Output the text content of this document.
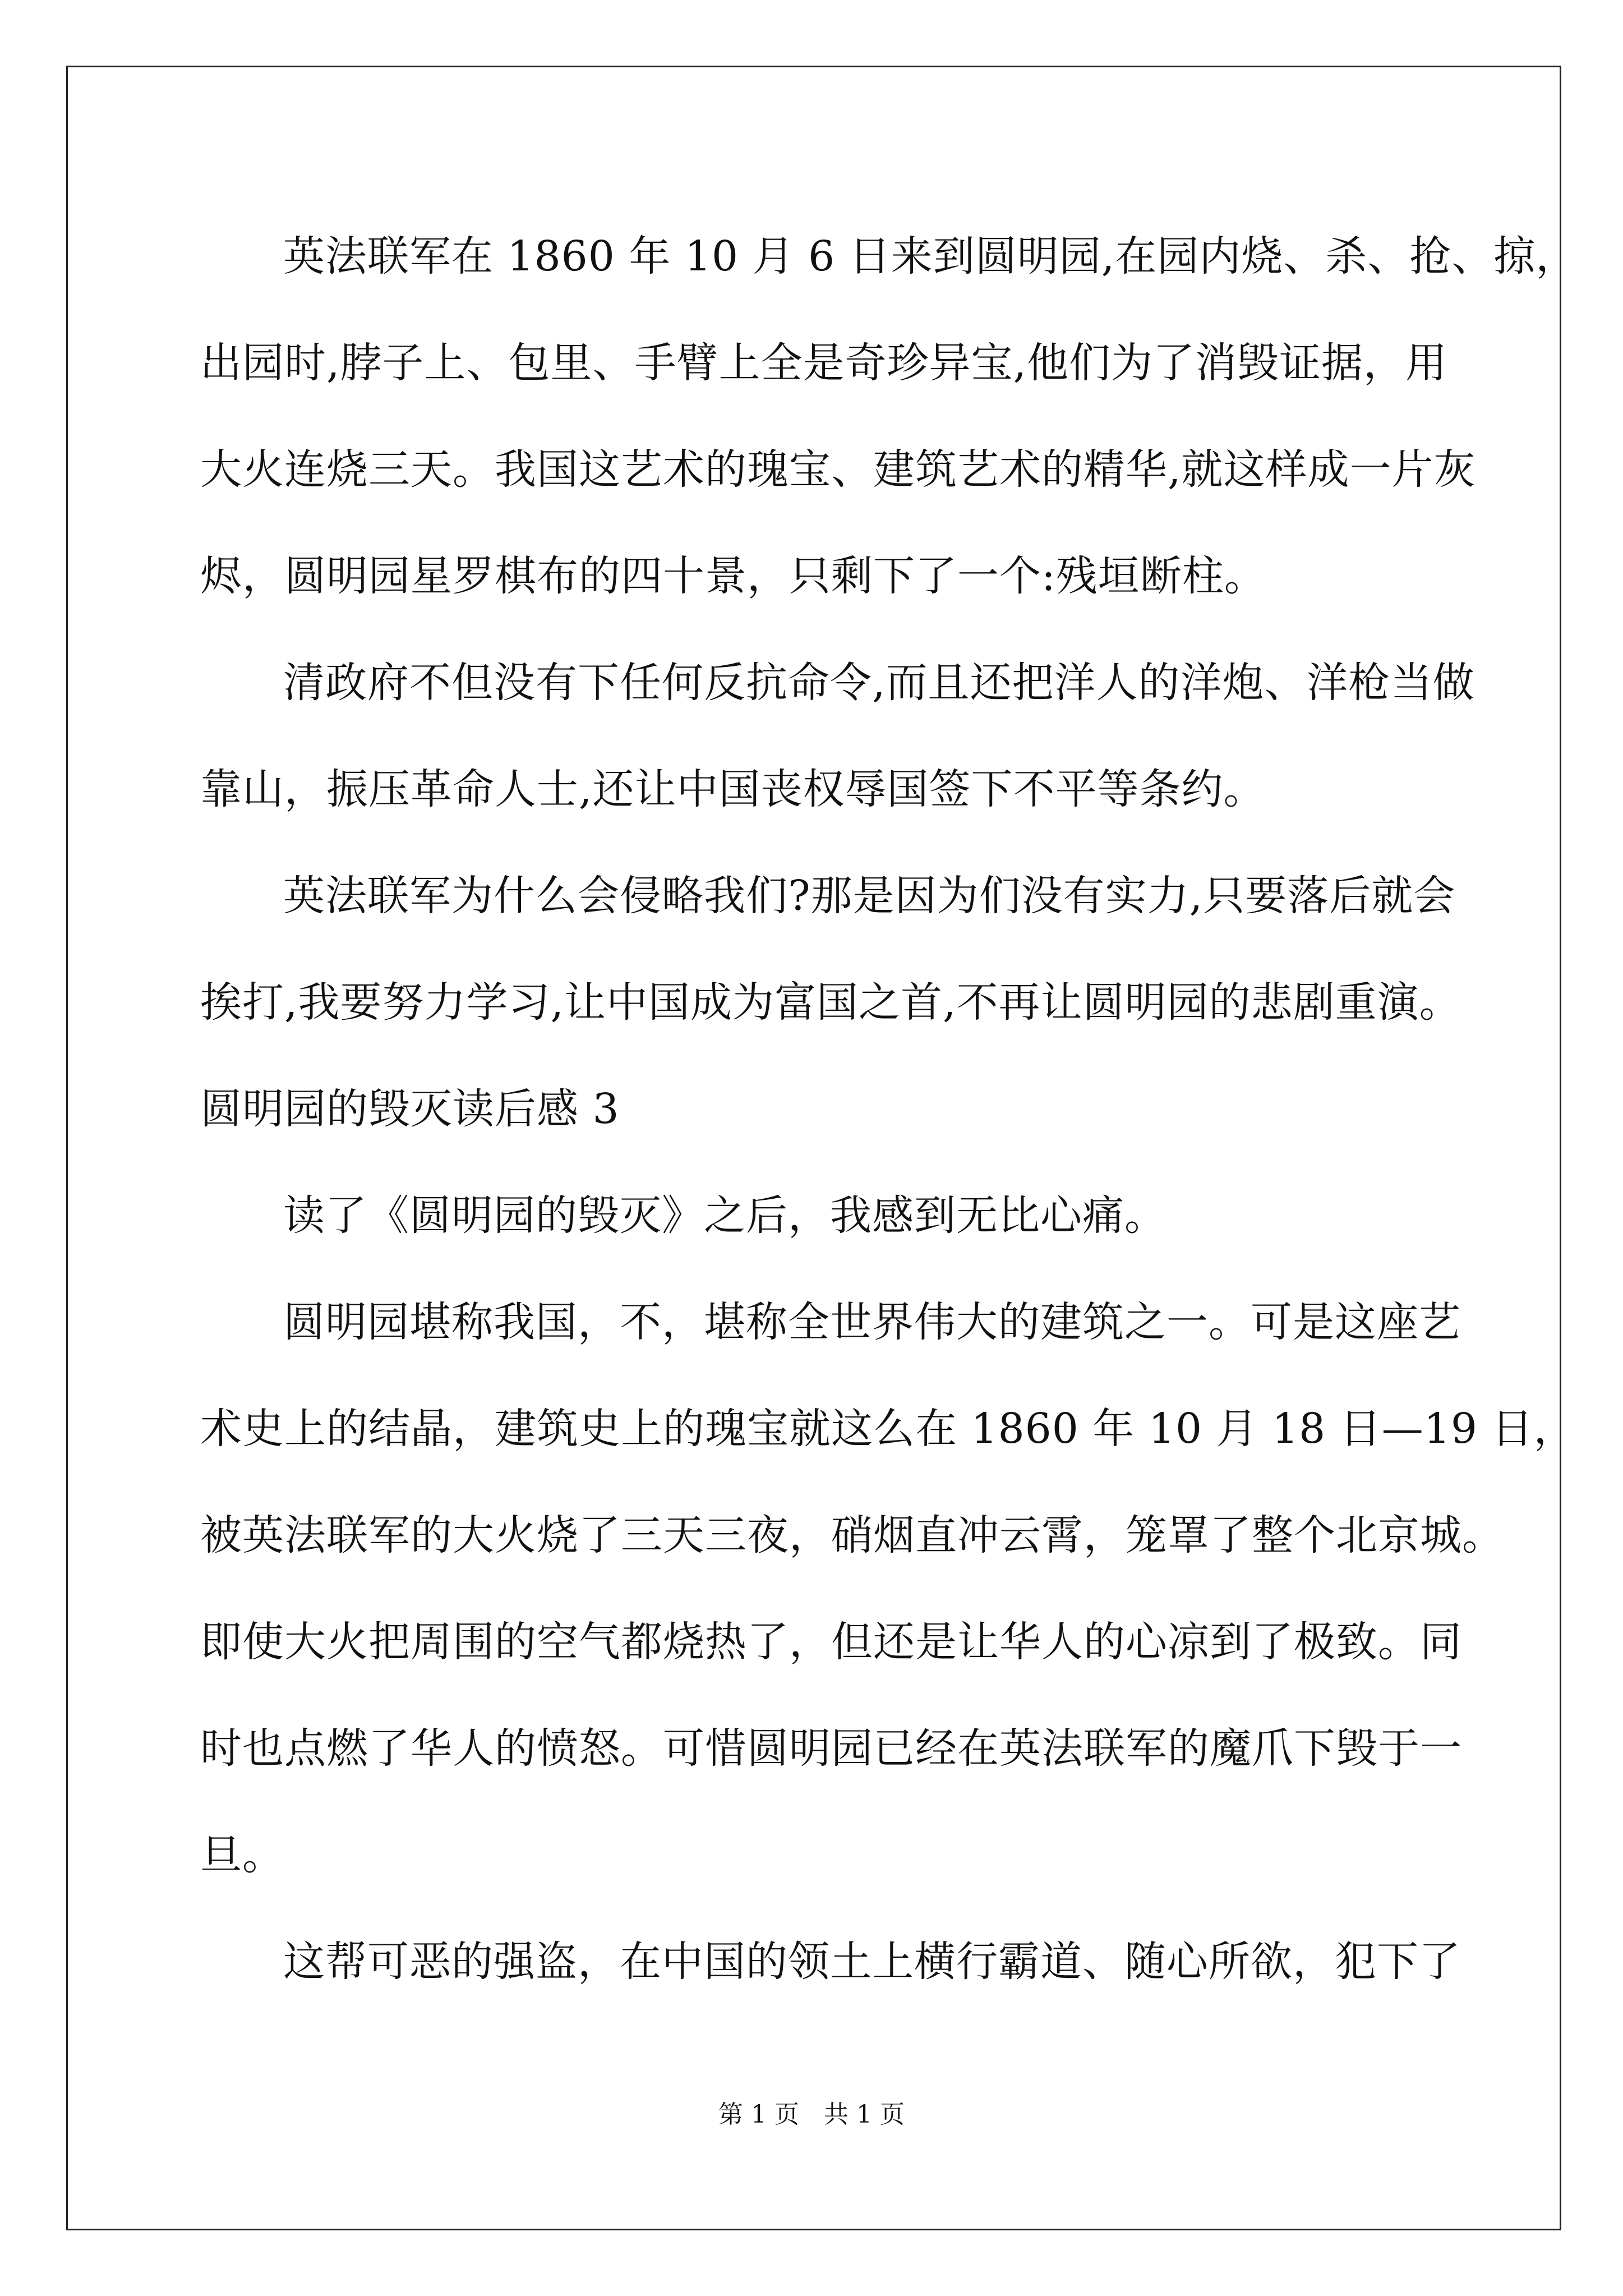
英法联军在 1860 年 10 月 6 日来到圆明园,在园内烧、杀、抢、掠，
出园时,脖子上、包里、手臂上全是奇珍异宝,他们为了消毁证据，用
大火连烧三天。我国这艺术的瑰宝、建筑艺术的精华,就这样成一片灰
烬，圆明园星罗棋布的四十景，只剩下了一个:残垣断柱。
清政府不但没有下任何反抗命令,而且还把洋人的洋炮、洋枪当做
靠山，振压革命人士,还让中国丧权辱国签下不平等条约。
英法联军为什么会侵略我们?那是因为们没有实力,只要落后就会
挨打,我要努力学习,让中国成为富国之首,不再让圆明园的悲剧重演。
圆明园的毁灭读后感 3
读了《圆明园的毁灭》之后，我感到无比心痛。
圆明园堪称我国，不，堪称全世界伟大的建筑之一。可是这座艺
术史上的结晶，建筑史上的瑰宝就这么在 1860 年 10 月 18 日—19 日，
被英法联军的大火烧了三天三夜，硝烟直冲云霄，笼罩了整个北京城。
即使大火把周围的空气都烧热了，但还是让华人的心凉到了极致。同
时也点燃了华人的愤怒。可惜圆明园已经在英法联军的魔爪下毁于一
旦。
这帮可恶的强盗，在中国的领土上横行霸道、随心所欲，犯下了
第 1 页　共 1 页
